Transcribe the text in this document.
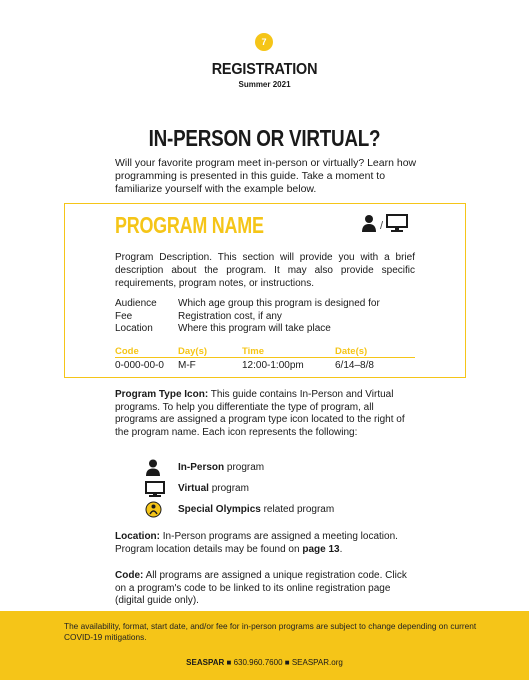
7
REGISTRATION
Summer 2021
IN-PERSON OR VIRTUAL?

Will your favorite program meet in-person or virtually? Learn how programming is presented in this guide. Take a moment to familiarize yourself with the example below.

PROGRAM NAME	/

Program Description. This section will provide you with a brief description about the program. It may also provide specific requirements, program notes, or instructions.

Audience	Which age group this program is designed for
Fee	Registration cost, if any
Location	Where this program will take place
Code	Day(s)	Time	Date(s)
0-000-00-0 M-F	12:00-1:00pm	6/14–8/8

Program Type Icon: This guide contains In-Person and Virtual programs. To help you differentiate the type of program, all programs are assigned a program type icon located to the right of the program name. Each icon represents the following:

In-Person program
Virtual program
Special Olympics related program

Location: In-Person programs are assigned a meeting location. Program location details may be found on page 13.

Code: All programs are assigned a unique registration code. Click on a program's code to be linked to its online registration page (digital guide only).

The availability, format, start date, and/or fee for in-person programs are subject to change depending on current COVID-19 mitigations.

SEASPAR ■ 630.960.7600 ■ SEASPAR.org
